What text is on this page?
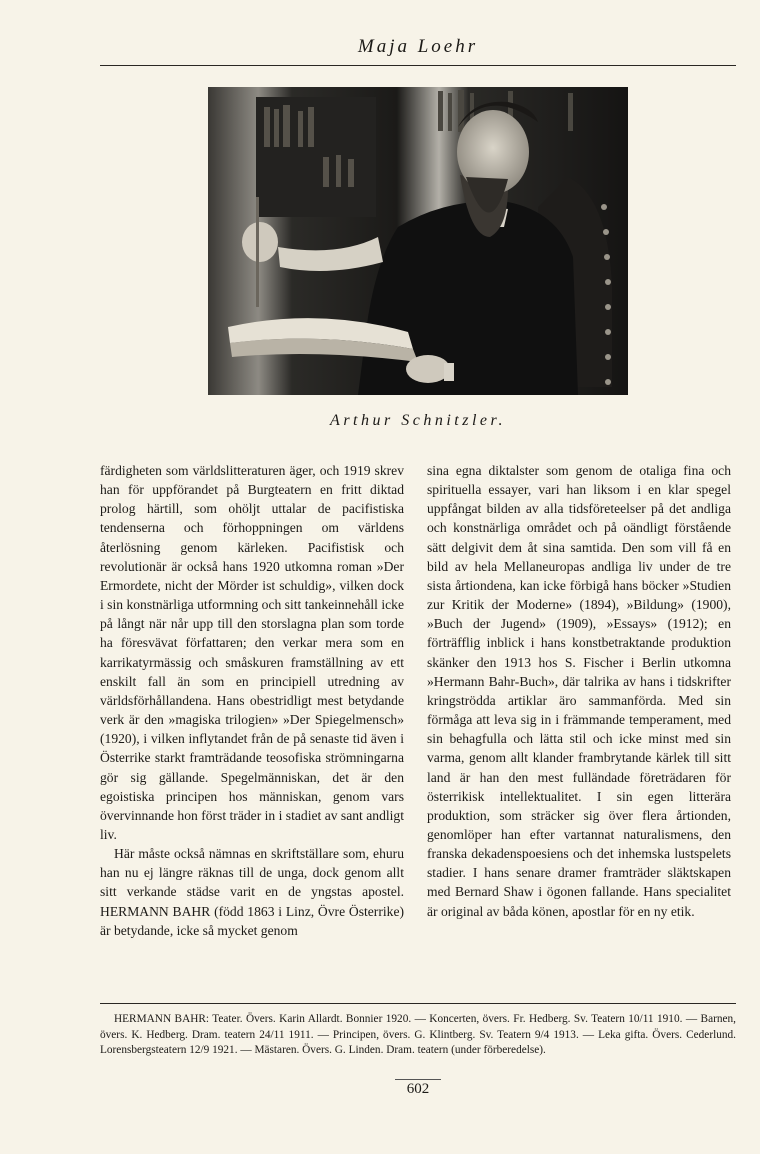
Maja Loehr
Arthur Schnitzler.

färdigheten som världslitteraturen äger, och 1919 skrev han för uppförandet på Burgteatern en fritt diktad prolog härtill, som ohöljt uttalar de pacifistiska tendenserna och förhoppningen om världens återlösning genom kärleken. Pacifistisk och revolutionär är också hans 1920 utkomna roman »Der Ermordete, nicht der Mörder ist schuldig», vilken dock i sin konstnärliga utformning och sitt tankeinnehåll icke på långt när når upp till den storslagna plan som torde ha föresvävat författaren; den verkar mera som en karrikatyrmässig och småskuren framställning av ett enskilt fall än som en principiell utredning av världsförhållandena. Hans obestridligt mest betydande verk är den »magiska trilogien» »Der Spiegelmensch» (1920), i vilken inflytandet från de på senaste tid även i Österrike starkt framträdande teosofiska strömningarna gör sig gällande. Spegelmänniskan, det är den egoistiska principen hos människan, genom vars övervinnande hon först träder in i stadiet av sant andligt liv.

Här måste också nämnas en skriftställare som, ehuru han nu ej längre räknas till de unga, dock genom allt sitt verkande städse varit en de yngstas apostel. HERMANN BAHR (född 1863 i Linz, Övre Österrike) är betydande, icke så mycket genom

sina egna diktalster som genom de otaliga fina och spirituella essayer, vari han liksom i en klar spegel uppfångat bilden av alla tidsföreteelser på det andliga och konstnärliga området och på oändligt förstående sätt delgivit dem åt sina samtida. Den som vill få en bild av hela Mellaneuropas andliga liv under de tre sista årtiondena, kan icke förbigå hans böcker »Studien zur Kritik der Moderne» (1894), »Bildung» (1900), »Buch der Jugend» (1909), »Essays» (1912); en förträfflig inblick i hans konstbetraktande produktion skänker den 1913 hos S. Fischer i Berlin utkomna »Hermann Bahr-Buch», där talrika av hans i tidskrifter kringströdda artiklar äro sammanförda. Med sin förmåga att leva sig in i främmande temperament, med sin behagfulla och lätta stil och icke minst med sin varma, genom allt klander frambrytande kärlek till sitt land är han den mest fulländade företrädaren för österrikisk intellektualitet. I sin egen litterära produktion, som sträcker sig över flera årtionden, genomlöper han efter vartannat naturalismens, den franska dekadenspoesiens och det inhemska lustspelets stadier. I hans senare dramer framträder släktskapen med Bernard Shaw i ögonen fallande. Hans specialitet är original av båda könen, apostlar för en ny etik.

HERMANN BAHR: Teater. Övers. Karin Allardt. Bonnier 1920. — Koncerten, övers. Fr. Hedberg. Sv. Teatern 10/11 1910. — Barnen, övers. K. Hedberg. Dram. teatern 24/11 1911. — Principen, övers. G. Klintberg. Sv. Teatern 9/4 1913. — Leka gifta. Övers. Cederlund. Lorensbergsteatern 12/9 1921. — Mästaren. Övers. G. Linden. Dram. teatern (under förberedelse).

602
